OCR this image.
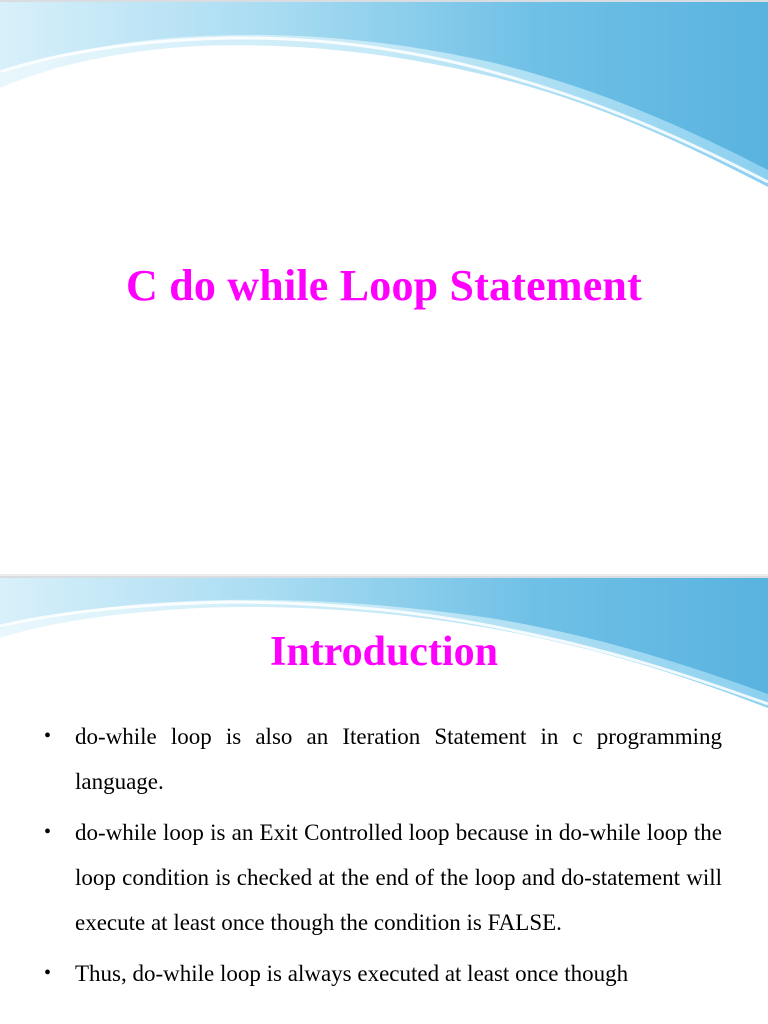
C do while Loop Statement
Introduction
• do-while loop is also an Iteration Statement in c programming language.
• do-while loop is an Exit Controlled loop because in do-while loop the loop condition is checked at the end of the loop and do-statement will execute at least once though the condition is FALSE.
• Thus, do-while loop is always executed at least once though
